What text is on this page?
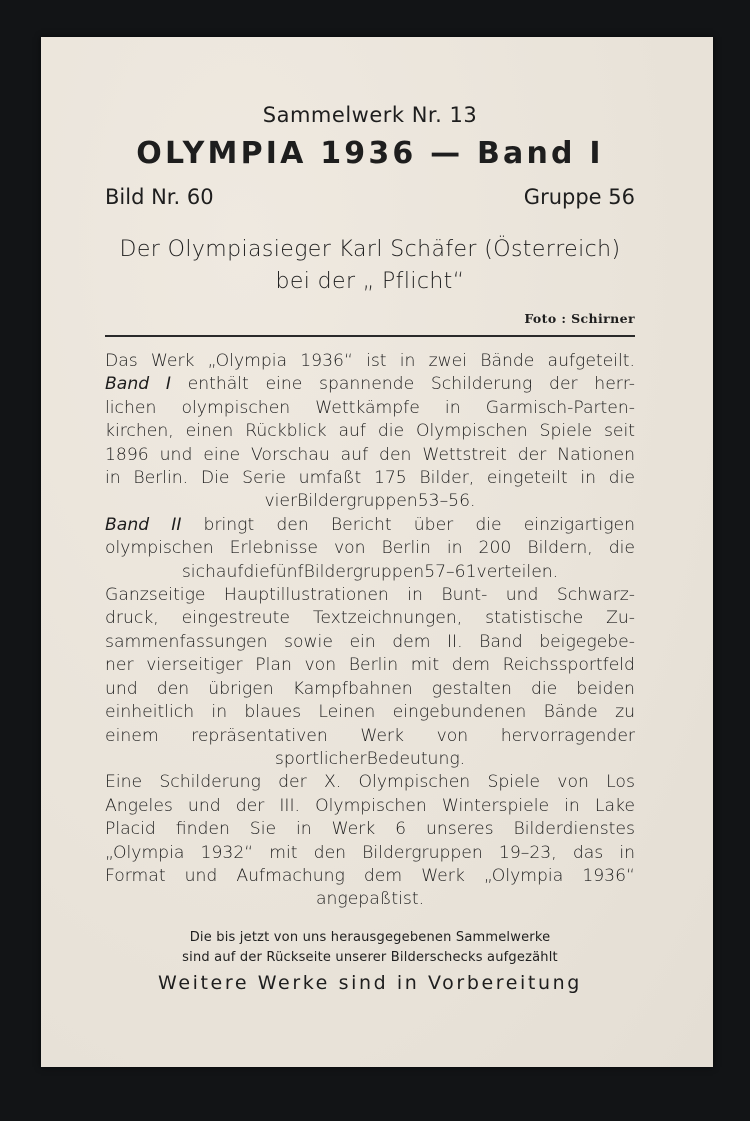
Sammelwerk Nr. 13
OLYMPIA 1936 — Band I
Bild Nr. 60	Gruppe 56
Der Olympiasieger Karl Schäfer (Österreich)
bei der „ Pflicht“
Foto : Schirner
Das Werk „Olympia 1936“ ist in zwei Bände aufgeteilt.
Band I enthält eine spannende Schilderung der herr-
lichen olympischen Wettkämpfe in Garmisch-Parten-
kirchen, einen Rückblick auf die Olympischen Spiele seit
1896 und eine Vorschau auf den Wettstreit der Nationen
in Berlin. Die Serie umfaßt 175 Bilder, eingeteilt in die
vier Bildergruppen 53–56.
Band II bringt den Bericht über die einzigartigen
olympischen Erlebnisse von Berlin in 200 Bildern, die
sich auf die fünf Bildergruppen 57–61 verteilen.
Ganzseitige Hauptillustrationen in Bunt- und Schwarz-
druck, eingestreute Textzeichnungen, statistische Zu-
sammenfassungen sowie ein dem II. Band beigegebe-
ner vierseitiger Plan von Berlin mit dem Reichssportfeld
und den übrigen Kampfbahnen gestalten die beiden
einheitlich in blaues Leinen eingebundenen Bände zu
einem repräsentativen Werk von hervorragender
sportlicher Bedeutung.
Eine Schilderung der X. Olympischen Spiele von Los
Angeles und der III. Olympischen Winterspiele in Lake
Placid finden Sie in Werk 6 unseres Bilderdienstes
„Olympia 1932“ mit den Bildergruppen 19–23, das in
Format und Aufmachung dem Werk „Olympia 1936“
angepaßt ist.
Die bis jetzt von uns herausgegebenen Sammelwerke
sind auf der Rückseite unserer Bilderschecks aufgezählt
Weitere Werke sind in Vorbereitung
